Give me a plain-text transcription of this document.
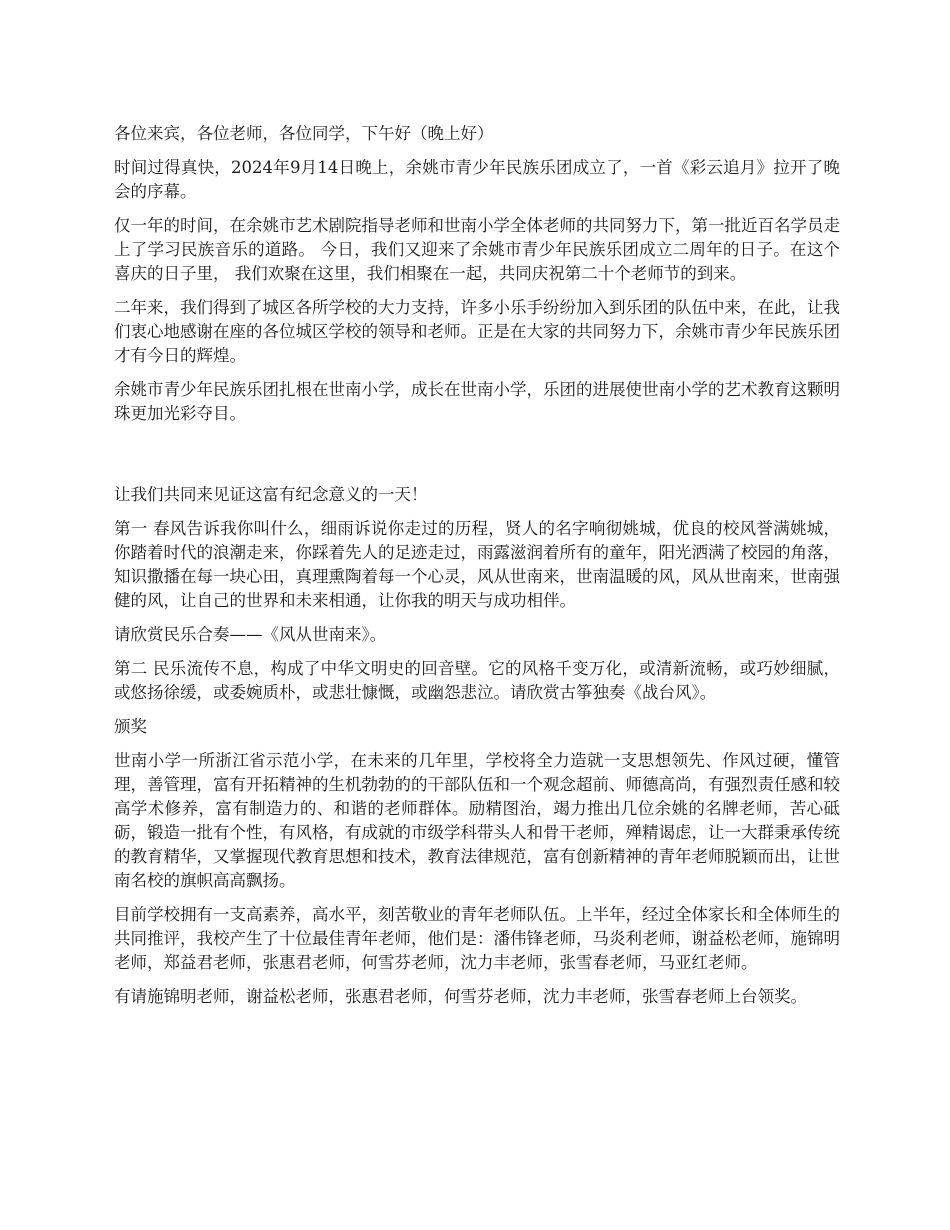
各位来宾，各位老师，各位同学，下午好（晚上好）

时间过得真快，2024年9月14日晚上，余姚市青少年民族乐团成立了，一首《彩云追月》拉开了晚会的序幕。

仅一年的时间，在余姚市艺术剧院指导老师和世南小学全体老师的共同努力下，第一批近百名学员走上了学习民族音乐的道路。 今日，我们又迎来了余姚市青少年民族乐团成立二周年的日子。在这个喜庆的日子里， 我们欢聚在这里，我们相聚在一起，共同庆祝第二十个老师节的到来。

二年来，我们得到了城区各所学校的大力支持，许多小乐手纷纷加入到乐团的队伍中来，在此，让我们衷心地感谢在座的各位城区学校的领导和老师。正是在大家的共同努力下，余姚市青少年民族乐团才有今日的辉煌。

余姚市青少年民族乐团扎根在世南小学，成长在世南小学，乐团的进展使世南小学的艺术教育这颗明珠更加光彩夺目。

让我们共同来见证这富有纪念意义的一天！

第一 春风告诉我你叫什么，细雨诉说你走过的历程，贤人的名字响彻姚城，优良的校风誉满姚城，你踏着时代的浪潮走来，你踩着先人的足迹走过，雨露滋润着所有的童年，阳光洒满了校园的角落，知识撒播在每一块心田，真理熏陶着每一个心灵，风从世南来，世南温暖的风，风从世南来，世南强健的风，让自己的世界和未来相通，让你我的明天与成功相伴。

请欣赏民乐合奏——《风从世南来》。

第二 民乐流传不息，构成了中华文明史的回音壁。它的风格千变万化，或清新流畅，或巧妙细腻，或悠扬徐缓，或委婉质朴，或悲壮慷慨，或幽怨悲泣。请欣赏古筝独奏《战台风》。

颁奖

世南小学一所浙江省示范小学，在未来的几年里，学校将全力造就一支思想领先、作风过硬，懂管理，善管理，富有开拓精神的生机勃勃的的干部队伍和一个观念超前、师德高尚，有强烈责任感和较高学术修养，富有制造力的、和谐的老师群体。励精图治，竭力推出几位余姚的名牌老师，苦心砥砺，锻造一批有个性，有风格，有成就的市级学科带头人和骨干老师，殚精谒虑，让一大群秉承传统的教育精华，又掌握现代教育思想和技术，教育法律规范，富有创新精神的青年老师脱颖而出，让世南名校的旗帜高高飘扬。

目前学校拥有一支高素养，高水平，刻苦敬业的青年老师队伍。上半年，经过全体家长和全体师生的共同推评，我校产生了十位最佳青年老师，他们是：潘伟锋老师，马炎利老师，谢益松老师，施锦明老师，郑益君老师，张惠君老师，何雪芬老师，沈力丰老师，张雪春老师，马亚红老师。

有请施锦明老师，谢益松老师，张惠君老师，何雪芬老师，沈力丰老师，张雪春老师上台领奖。
